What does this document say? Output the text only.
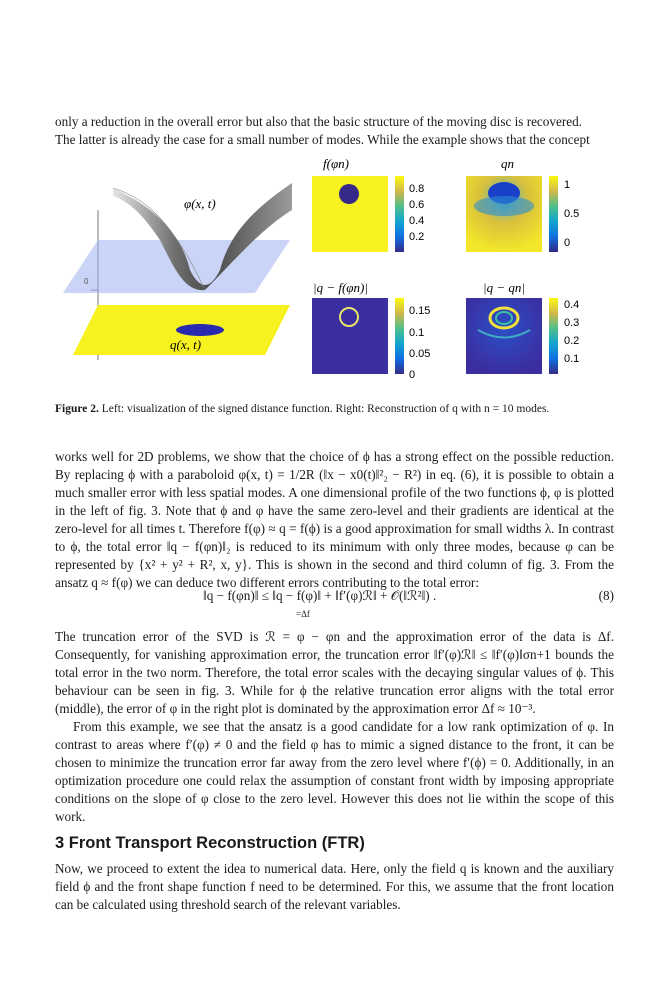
only a reduction in the overall error but also that the basic structure of the moving disc is recovered.
The latter is already the case for a small number of modes. While the example shows that the concept
φ(x, t)
q(x, t)
0
f(φn)
0.8
0.6
0.4
0.2
qn
1
0.5
0
|q − f(φn)|
0.15
0.1
0.05
0
|q − qn|
0.4
0.3
0.2
0.1
Figure 2. Left: visualization of the signed distance function. Right: Reconstruction of q with n = 10 modes.
works well for 2D problems, we show that the choice of ϕ has a strong effect on the possible reduction. By replacing ϕ with a paraboloid φ(x, t) = 1/2R (‖x − x0(t)‖²₂ − R²) in eq. (6), it is possible to obtain a much smaller error with less spatial modes. A one dimensional profile of the two functions ϕ, φ is plotted in the left of fig. 3. Note that ϕ and φ have the same zero-level and their gradients are identical at the zero-level for all times t. Therefore f(φ) ≈ q = f(ϕ) is a good approximation for small widths λ. In contrast to ϕ, the total error ‖q − f(φn)‖₂ is reduced to its minimum with only three modes, because φ can be represented by {x² + y² + R², x, y}. This is shown in the second and third column of fig. 3. From the ansatz q ≈ f(φ) we can deduce two different errors contributing to the total error:
‖q − f(φn)‖ ≤ ‖q − f(φ)‖ + ‖f′(φ)ℛ‖ + 𝒪(‖ℛ²‖) .
=Δf
(8)
The truncation error of the SVD is ℛ = φ − φn and the approximation error of the data is Δf. Consequently, for vanishing approximation error, the truncation error ‖f′(φ)ℛ‖ ≤ ‖f′(φ)‖σn+1 bounds the total error in the two norm. Therefore, the total error scales with the decaying singular values of ϕ. This behaviour can be seen in fig. 3. While for ϕ the relative truncation error aligns with the total error (middle), the error of φ in the right plot is dominated by the approximation error Δf ≈ 10⁻³.
From this example, we see that the ansatz is a good candidate for a low rank optimization of φ. In contrast to areas where f′(φ) ≠ 0 and the field φ has to mimic a signed distance to the front, it can be chosen to minimize the truncation error far away from the zero level where f′(ϕ) = 0. Additionally, in an optimization procedure one could relax the assumption of constant front width by imposing appropriate conditions on the slope of φ close to the zero level. However this does not lie within the scope of this work.
3 Front Transport Reconstruction (FTR)
Now, we proceed to extent the idea to numerical data. Here, only the field q is known and the auxiliary field ϕ and the front shape function f need to be determined. For this, we assume that the front location can be calculated using threshold search of the relevant variables.
